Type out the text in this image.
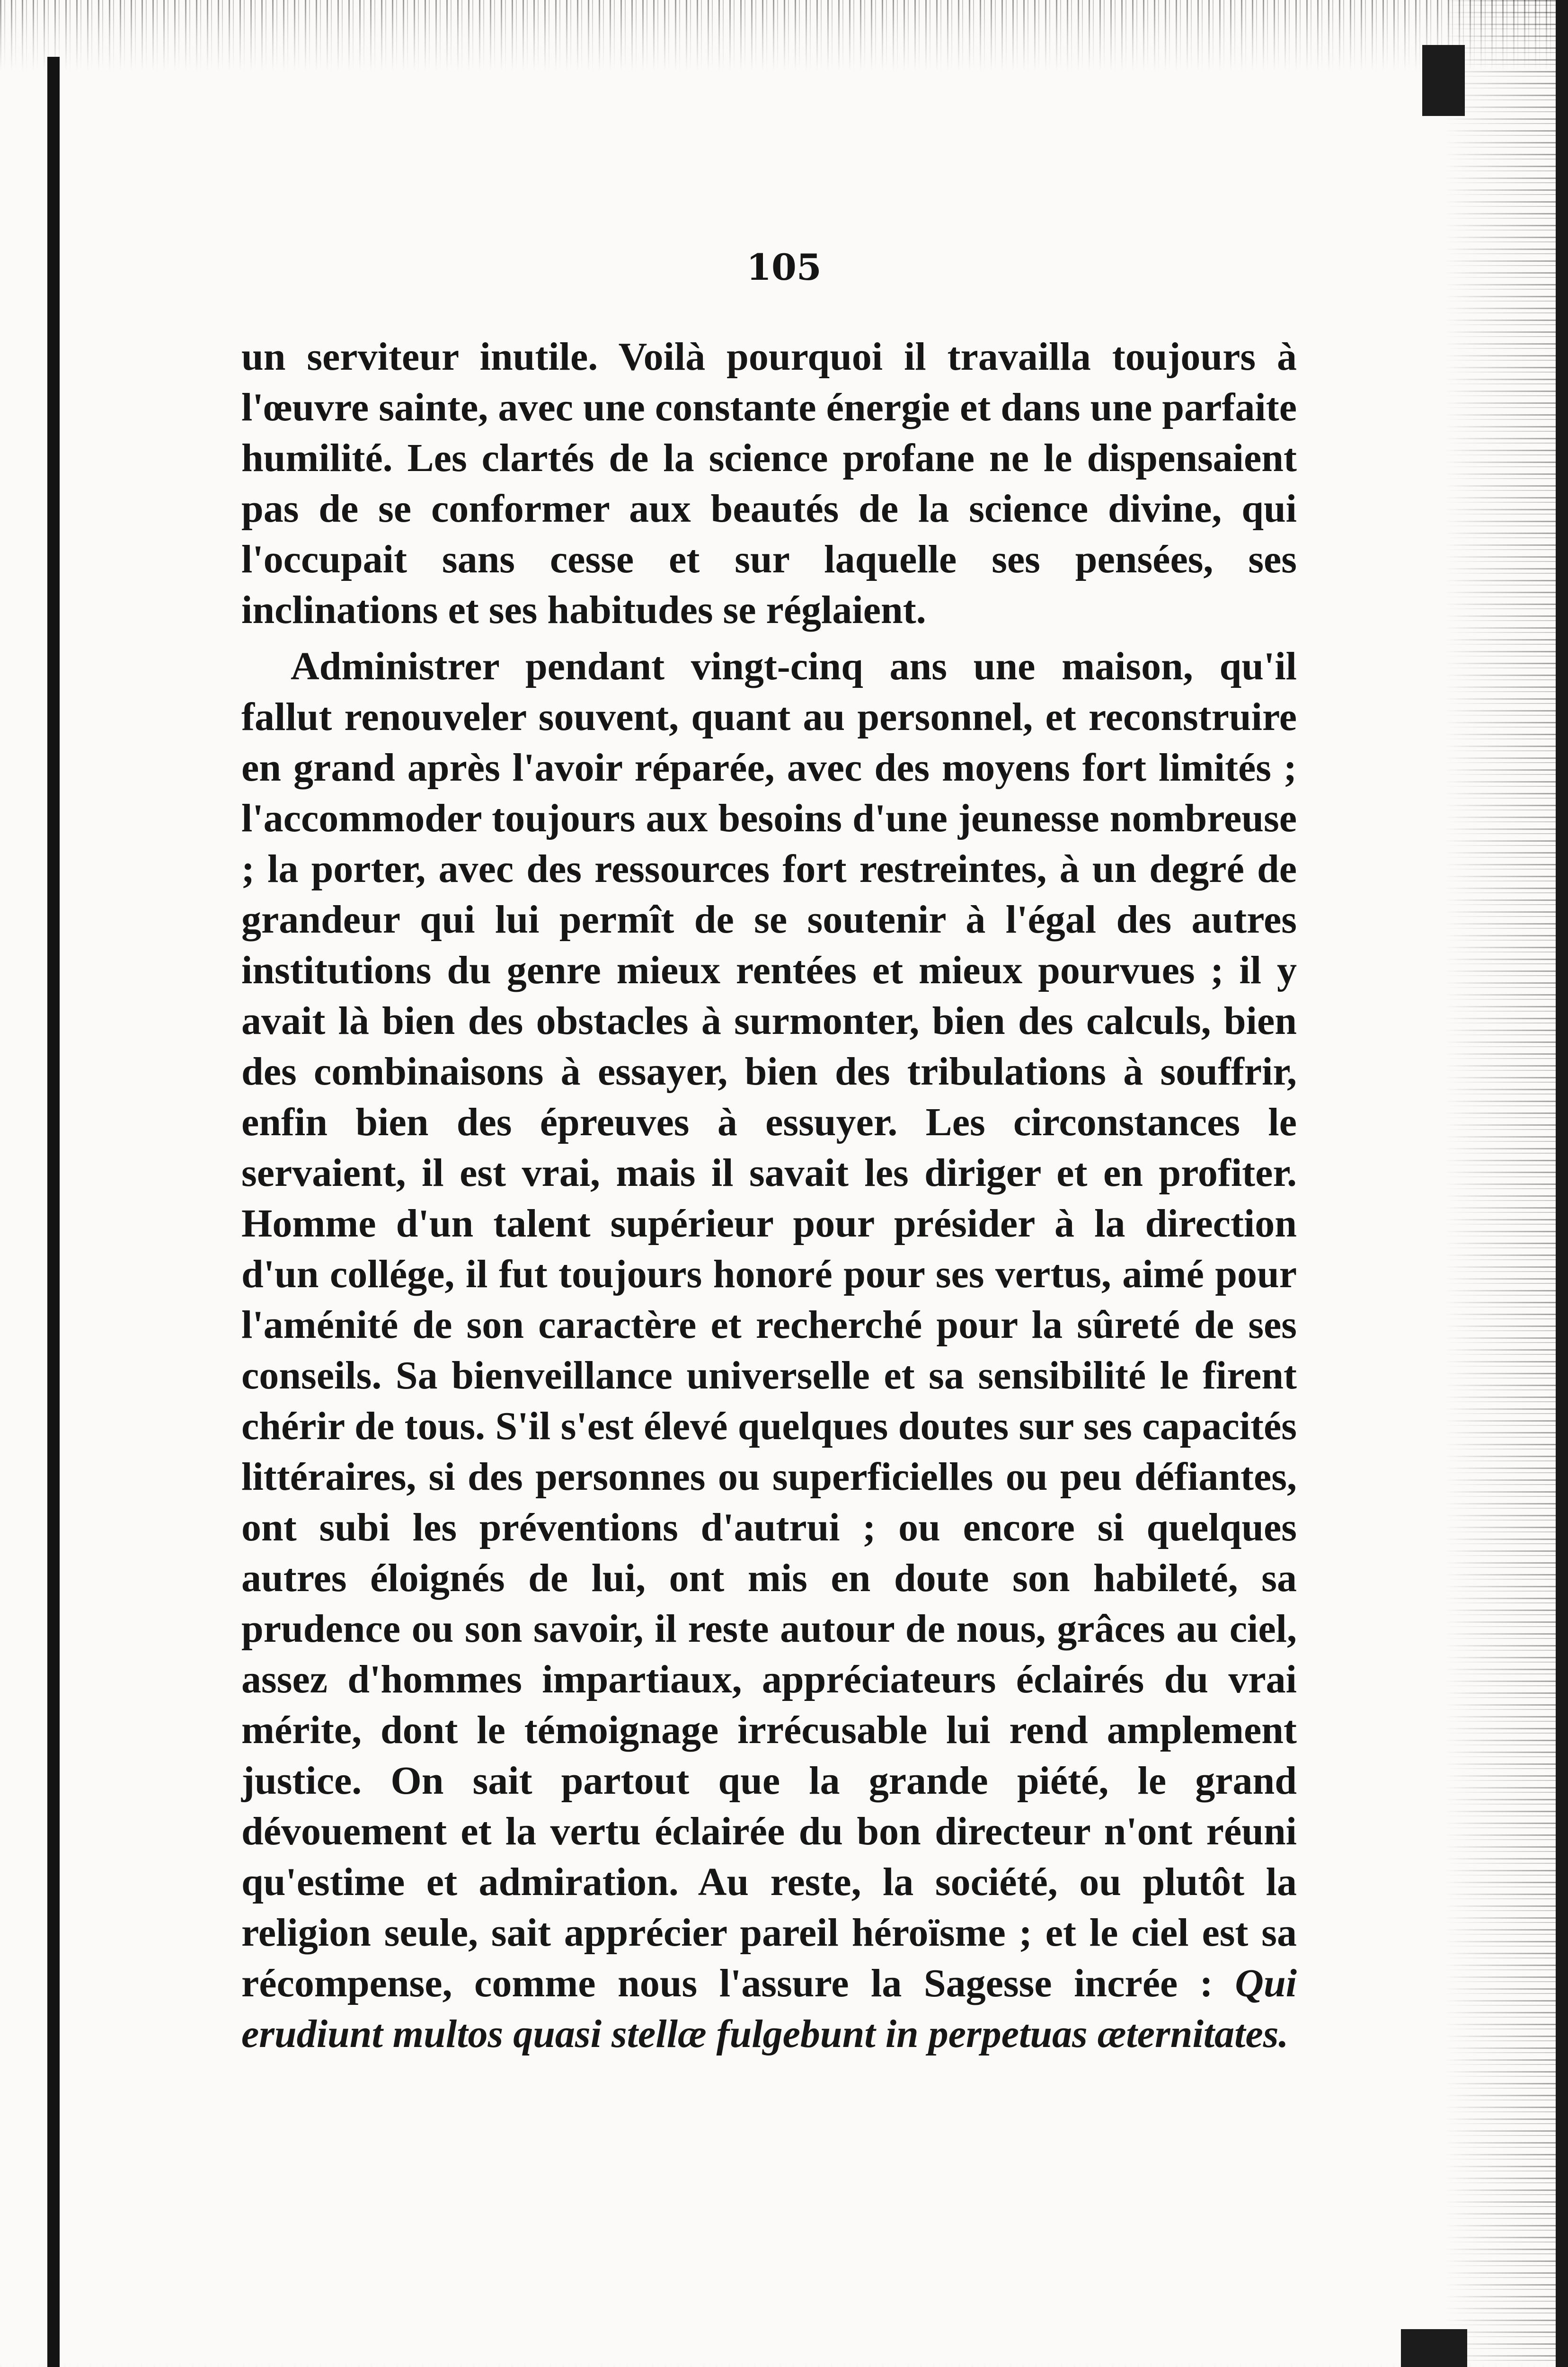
105

un serviteur inutile. Voilà pourquoi il travailla toujours à l'œuvre sainte, avec une constante énergie et dans une parfaite humilité. Les clartés de la science profane ne le dispensaient pas de se conformer aux beautés de la science divine, qui l'occupait sans cesse et sur laquelle ses pensées, ses inclinations et ses habitudes se réglaient.

Administrer pendant vingt-cinq ans une maison, qu'il fallut renouveler souvent, quant au personnel, et reconstruire en grand après l'avoir réparée, avec des moyens fort limités ; l'accommoder toujours aux besoins d'une jeunesse nombreuse ; la porter, avec des ressources fort restreintes, à un degré de grandeur qui lui permît de se soutenir à l'égal des autres institutions du genre mieux rentées et mieux pourvues ; il y avait là bien des obstacles à surmonter, bien des calculs, bien des combinaisons à essayer, bien des tribulations à souffrir, enfin bien des épreuves à essuyer. Les circonstances le servaient, il est vrai, mais il savait les diriger et en profiter. Homme d'un talent supérieur pour présider à la direction d'un collége, il fut toujours honoré pour ses vertus, aimé pour l'aménité de son caractère et recherché pour la sûreté de ses conseils. Sa bienveillance universelle et sa sensibilité le firent chérir de tous. S'il s'est élevé quelques doutes sur ses capacités littéraires, si des personnes ou superficielles ou peu défiantes, ont subi les préventions d'autrui ; ou encore si quelques autres éloignés de lui, ont mis en doute son habileté, sa prudence ou son savoir, il reste autour de nous, grâces au ciel, assez d'hommes impartiaux, appréciateurs éclairés du vrai mérite, dont le témoignage irrécusable lui rend amplement justice. On sait partout que la grande piété, le grand dévouement et la vertu éclairée du bon directeur n'ont réuni qu'estime et admiration. Au reste, la société, ou plutôt la religion seule, sait apprécier pareil héroïsme ; et le ciel est sa récompense, comme nous l'assure la Sagesse incrée : Qui erudiunt multos quasi stellæ fulgebunt in perpetuas æternitates.
